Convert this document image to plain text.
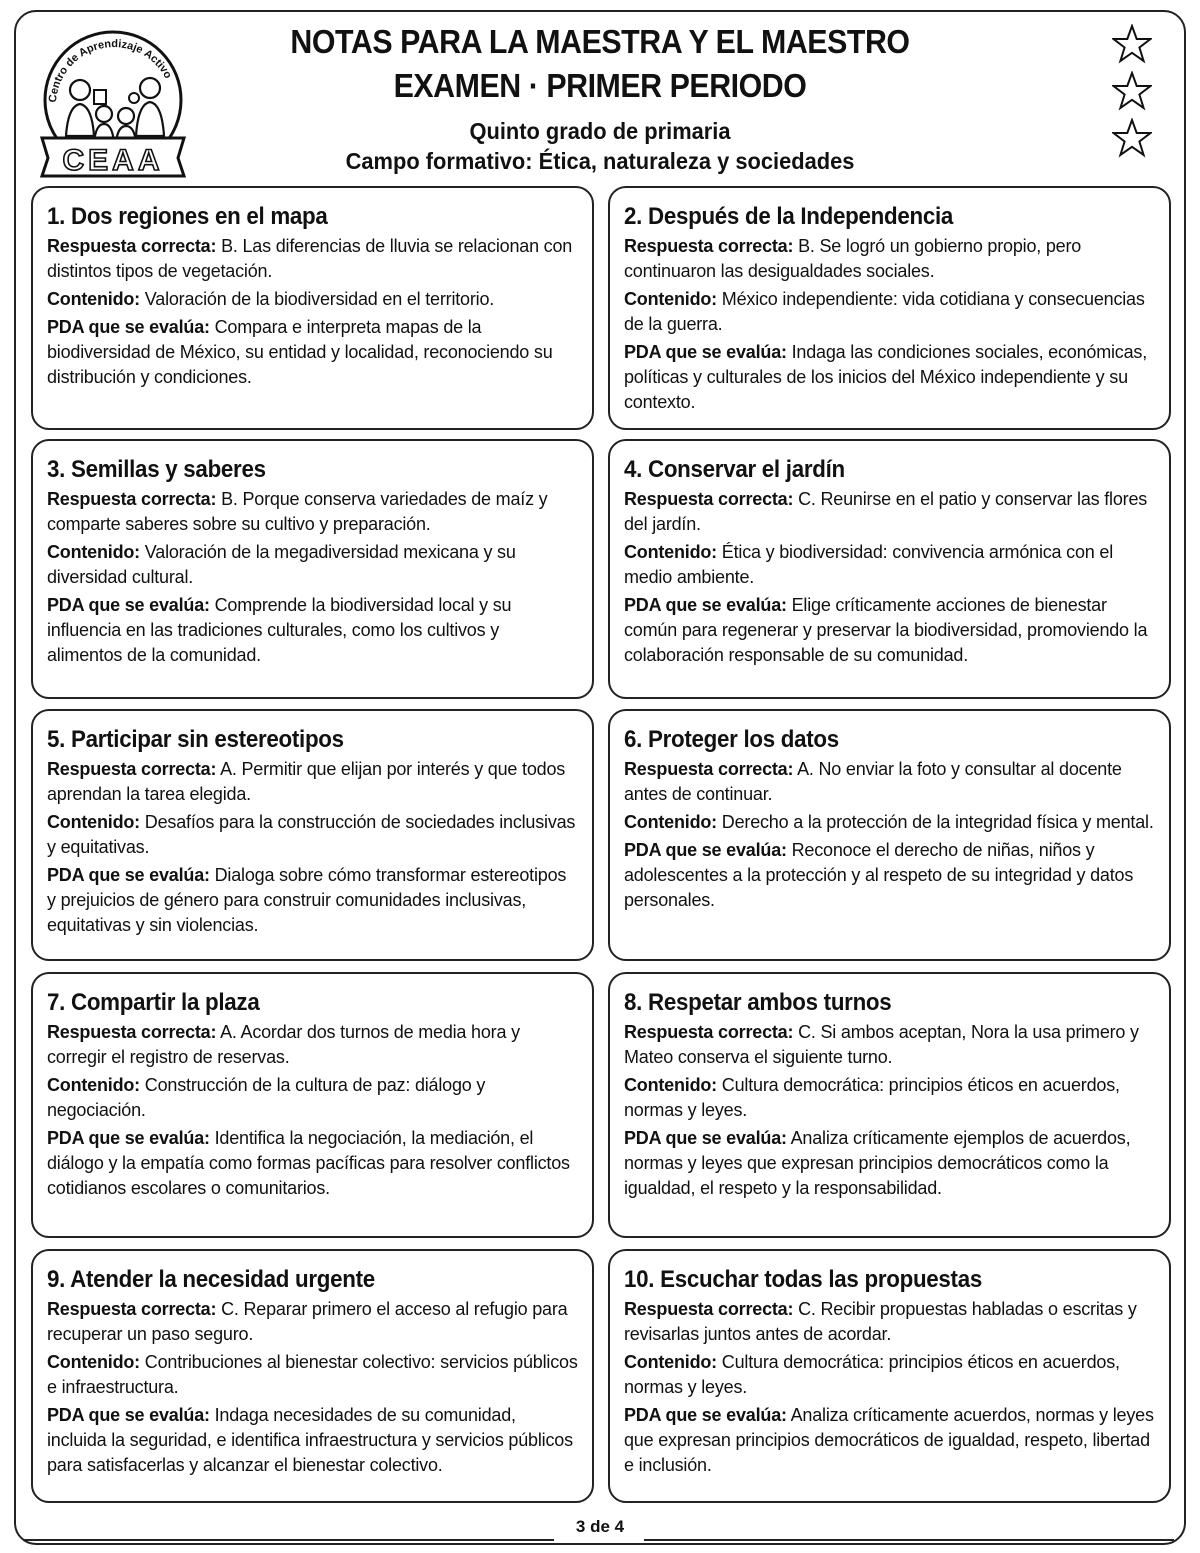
Centro de Aprendizaje Activo
CEAA
NOTAS PARA LA MAESTRA Y EL MAESTRO
EXAMEN · PRIMER PERIODO
Quinto grado de primaria
Campo formativo: Ética, naturaleza y sociedades
1. Dos regiones en el mapa
Respuesta correcta: B. Las diferencias de lluvia se relacionan con distintos tipos de vegetación.
Contenido: Valoración de la biodiversidad en el territorio.
PDA que se evalúa: Compara e interpreta mapas de la biodiversidad de México, su entidad y localidad, reconociendo su distribución y condiciones.
2. Después de la Independencia
Respuesta correcta: B. Se logró un gobierno propio, pero continuaron las desigualdades sociales.
Contenido: México independiente: vida cotidiana y consecuencias de la guerra.
PDA que se evalúa: Indaga las condiciones sociales, económicas, políticas y culturales de los inicios del México independiente y su contexto.
3. Semillas y saberes
Respuesta correcta: B. Porque conserva variedades de maíz y comparte saberes sobre su cultivo y preparación.
Contenido: Valoración de la megadiversidad mexicana y su diversidad cultural.
PDA que se evalúa: Comprende la biodiversidad local y su influencia en las tradiciones culturales, como los cultivos y alimentos de la comunidad.
4. Conservar el jardín
Respuesta correcta: C. Reunirse en el patio y conservar las flores del jardín.
Contenido: Ética y biodiversidad: convivencia armónica con el medio ambiente.
PDA que se evalúa: Elige críticamente acciones de bienestar común para regenerar y preservar la biodiversidad, promoviendo la colaboración responsable de su comunidad.
5. Participar sin estereotipos
Respuesta correcta: A. Permitir que elijan por interés y que todos aprendan la tarea elegida.
Contenido: Desafíos para la construcción de sociedades inclusivas y equitativas.
PDA que se evalúa: Dialoga sobre cómo transformar estereotipos y prejuicios de género para construir comunidades inclusivas, equitativas y sin violencias.
6. Proteger los datos
Respuesta correcta: A. No enviar la foto y consultar al docente antes de continuar.
Contenido: Derecho a la protección de la integridad física y mental.
PDA que se evalúa: Reconoce el derecho de niñas, niños y adolescentes a la protección y al respeto de su integridad y datos personales.
7. Compartir la plaza
Respuesta correcta: A. Acordar dos turnos de media hora y corregir el registro de reservas.
Contenido: Construcción de la cultura de paz: diálogo y negociación.
PDA que se evalúa: Identifica la negociación, la mediación, el diálogo y la empatía como formas pacíficas para resolver conflictos cotidianos escolares o comunitarios.
8. Respetar ambos turnos
Respuesta correcta: C. Si ambos aceptan, Nora la usa primero y Mateo conserva el siguiente turno.
Contenido: Cultura democrática: principios éticos en acuerdos, normas y leyes.
PDA que se evalúa: Analiza críticamente ejemplos de acuerdos, normas y leyes que expresan principios democráticos como la igualdad, el respeto y la responsabilidad.
9. Atender la necesidad urgente
Respuesta correcta: C. Reparar primero el acceso al refugio para recuperar un paso seguro.
Contenido: Contribuciones al bienestar colectivo: servicios públicos e infraestructura.
PDA que se evalúa: Indaga necesidades de su comunidad, incluida la seguridad, e identifica infraestructura y servicios públicos para satisfacerlas y alcanzar el bienestar colectivo.
10. Escuchar todas las propuestas
Respuesta correcta: C. Recibir propuestas habladas o escritas y revisarlas juntos antes de acordar.
Contenido: Cultura democrática: principios éticos en acuerdos, normas y leyes.
PDA que se evalúa: Analiza críticamente acuerdos, normas y leyes que expresan principios democráticos de igualdad, respeto, libertad e inclusión.
3 de 4
